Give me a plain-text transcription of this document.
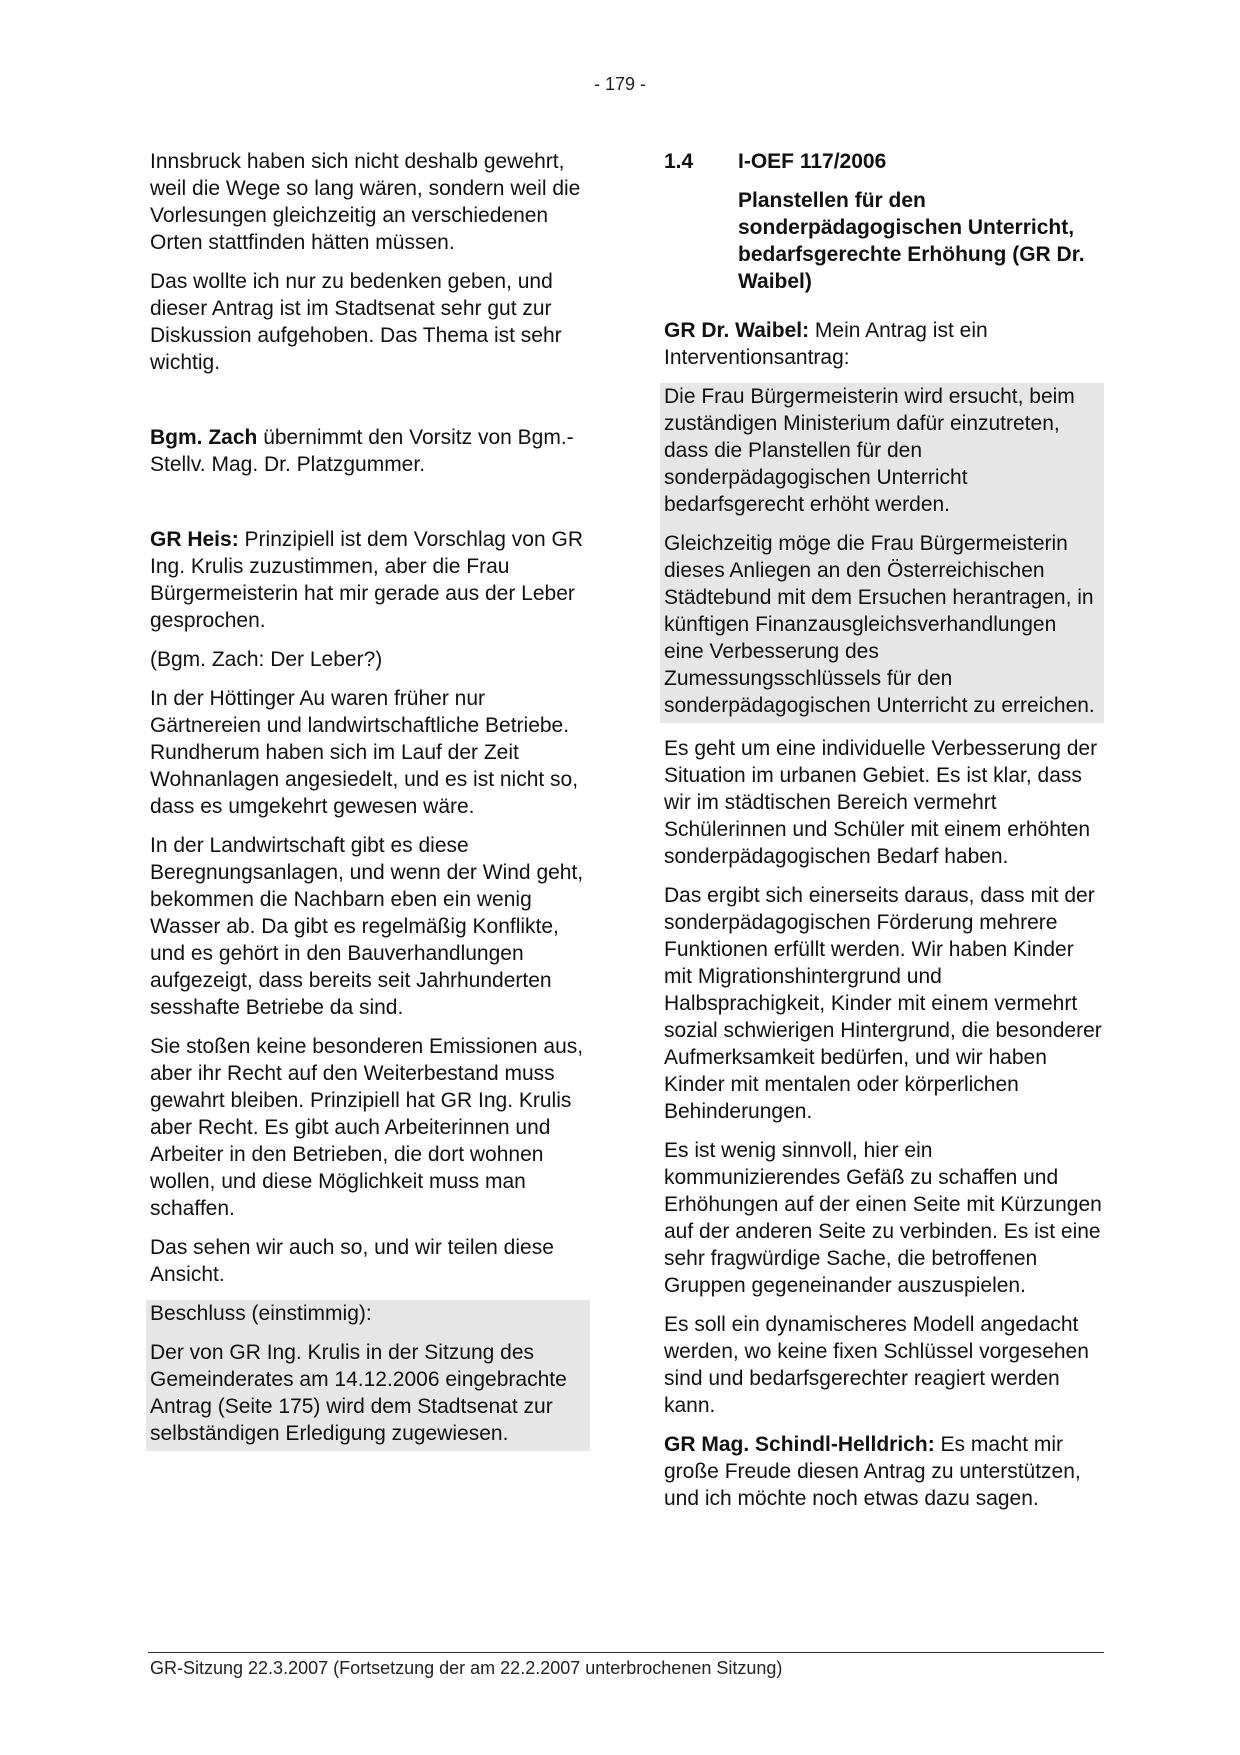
- 179 -

Innsbruck haben sich nicht deshalb gewehrt, weil die Wege so lang wären, sondern weil die Vorlesungen gleichzeitig an verschiedenen Orten stattfinden hätten müssen.

Das wollte ich nur zu bedenken geben, und dieser Antrag ist im Stadtsenat sehr gut zur Diskussion aufgehoben. Das Thema ist sehr wichtig.

Bgm. Zach übernimmt den Vorsitz von Bgm.-Stellv. Mag. Dr. Platzgummer.

GR Heis: Prinzipiell ist dem Vorschlag von GR Ing. Krulis zuzustimmen, aber die Frau Bürgermeisterin hat mir gerade aus der Leber gesprochen.

(Bgm. Zach: Der Leber?)

In der Höttinger Au waren früher nur Gärtnereien und landwirtschaftliche Betriebe. Rundherum haben sich im Lauf der Zeit Wohnanlagen angesiedelt, und es ist nicht so, dass es umgekehrt gewesen wäre.

In der Landwirtschaft gibt es diese Beregnungsanlagen, und wenn der Wind geht, bekommen die Nachbarn eben ein wenig Wasser ab. Da gibt es regelmäßig Konflikte, und es gehört in den Bauverhandlungen aufgezeigt, dass bereits seit Jahrhunderten sesshafte Betriebe da sind.

Sie stoßen keine besonderen Emissionen aus, aber ihr Recht auf den Weiterbestand muss gewahrt bleiben. Prinzipiell hat GR Ing. Krulis aber Recht. Es gibt auch Arbeiterinnen und Arbeiter in den Betrieben, die dort wohnen wollen, und diese Möglichkeit muss man schaffen.

Das sehen wir auch so, und wir teilen diese Ansicht.

Beschluss (einstimmig):

Der von GR Ing. Krulis in der Sitzung des Gemeinderates am 14.12.2006 eingebrachte Antrag (Seite 175) wird dem Stadtsenat zur selbständigen Erledigung zugewiesen.

1.4	I-OEF 117/2006
Planstellen für den sonderpädagogischen Unterricht, bedarfsgerechte Erhöhung (GR Dr. Waibel)

GR Dr. Waibel: Mein Antrag ist ein Interventionsantrag:

Die Frau Bürgermeisterin wird ersucht, beim zuständigen Ministerium dafür einzutreten, dass die Planstellen für den sonderpädagogischen Unterricht bedarfsgerecht erhöht werden.

Gleichzeitig möge die Frau Bürgermeisterin dieses Anliegen an den Österreichischen Städtebund mit dem Ersuchen herantragen, in künftigen Finanzausgleichsverhandlungen eine Verbesserung des Zumessungsschlüssels für den sonderpädagogischen Unterricht zu erreichen.

Es geht um eine individuelle Verbesserung der Situation im urbanen Gebiet. Es ist klar, dass wir im städtischen Bereich vermehrt Schülerinnen und Schüler mit einem erhöhten sonderpädagogischen Bedarf haben.

Das ergibt sich einerseits daraus, dass mit der sonderpädagogischen Förderung mehrere Funktionen erfüllt werden. Wir haben Kinder mit Migrationshintergrund und Halbsprachigkeit, Kinder mit einem vermehrt sozial schwierigen Hintergrund, die besonderer Aufmerksamkeit bedürfen, und wir haben Kinder mit mentalen oder körperlichen Behinderungen.

Es ist wenig sinnvoll, hier ein kommunizierendes Gefäß zu schaffen und Erhöhungen auf der einen Seite mit Kürzungen auf der anderen Seite zu verbinden. Es ist eine sehr fragwürdige Sache, die betroffenen Gruppen gegeneinander auszuspielen.

Es soll ein dynamischeres Modell angedacht werden, wo keine fixen Schlüssel vorgesehen sind und bedarfsgerechter reagiert werden kann.

GR Mag. Schindl-Helldrich: Es macht mir große Freude diesen Antrag zu unterstützen, und ich möchte noch etwas dazu sagen.

GR-Sitzung 22.3.2007 (Fortsetzung der am 22.2.2007 unterbrochenen Sitzung)
